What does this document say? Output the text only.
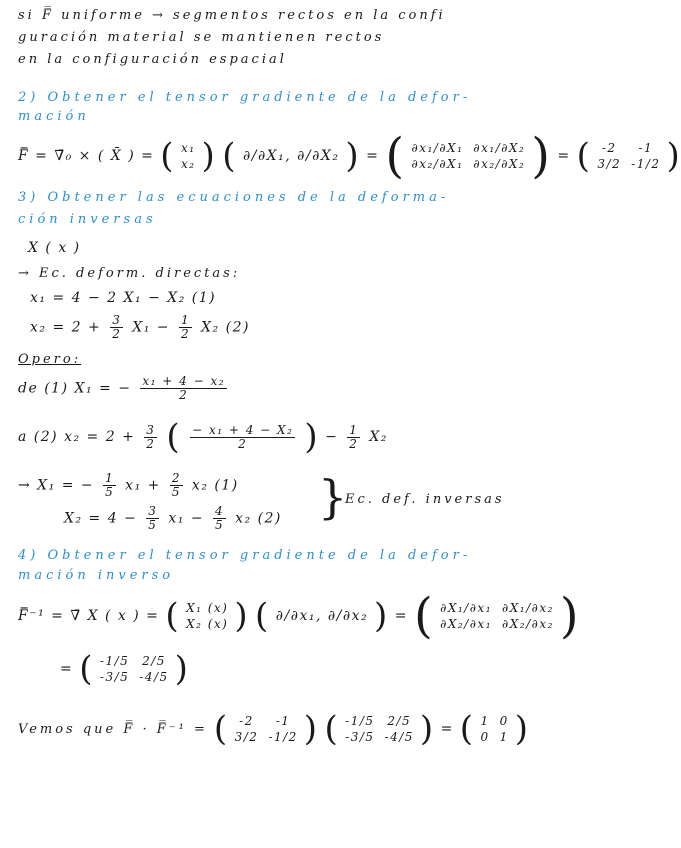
si F̿ uniforme → segmentos rectos en la confi
guración material se mantienen rectos
en la configuración espacial
2) Obtener el tensor gradiente de la defor-
mación
F̿ = ∇̄₀ × ( X̄ ) = ( x₁
x₂ ) ( ∂/∂X₁, ∂/∂X₂ ) = ( ∂x₁/∂X₁ ∂x₁/∂X₂
∂x₂/∂X₁ ∂x₂/∂X₂ ) = ( -2	-1
3/2 -1/2 )
3) Obtener las ecuaciones de la deforma-
ción inversas
X ( x )
→ Ec. deform. directas:
x₁ = 4 − 2 X₁ − X₂ (1)
$x_2 = 2 + \frac{3}{2} X_1 - \frac{1}{2} X_2$ (2)
Opero:
de (1) X₁ = − $\frac{\text{x₁ + 4 − x₂}}{2}$
a (2) $x_2 = 2 + \frac{3}{2}$ ( $\frac{\text{− x₁ + 4 − X₂}}{2}$ ) − $\frac{1}{2} X_2$
→ X₁ = − $\frac{1}{5} x_1 + \frac{2}{5} x_2$ (1)
$X_2 = 4 - \frac{3}{5} x_1 - \frac{4}{5} x_2$ (2) }
Ec. def. inversas
4) Obtener el tensor gradiente de la defor-
mación inverso
F̿⁻¹ = ∇̄ X ( x ) = ( X₁ (x)
X₂ (x) ) ( ∂/∂x₁, ∂/∂x₂ ) = ( ∂X₁/∂x₁ ∂X₁/∂x₂
∂X₂/∂x₁ ∂X₂/∂x₂ )
= ( -1/5 2/5
-3/5 -4/5 )
Vemos que F̿ · F̿⁻¹ = ( -2	-1
3/2 -1/2 ) ( -1/5 2/5
-3/5 -4/5 ) = ( 1 0
0 1 )
